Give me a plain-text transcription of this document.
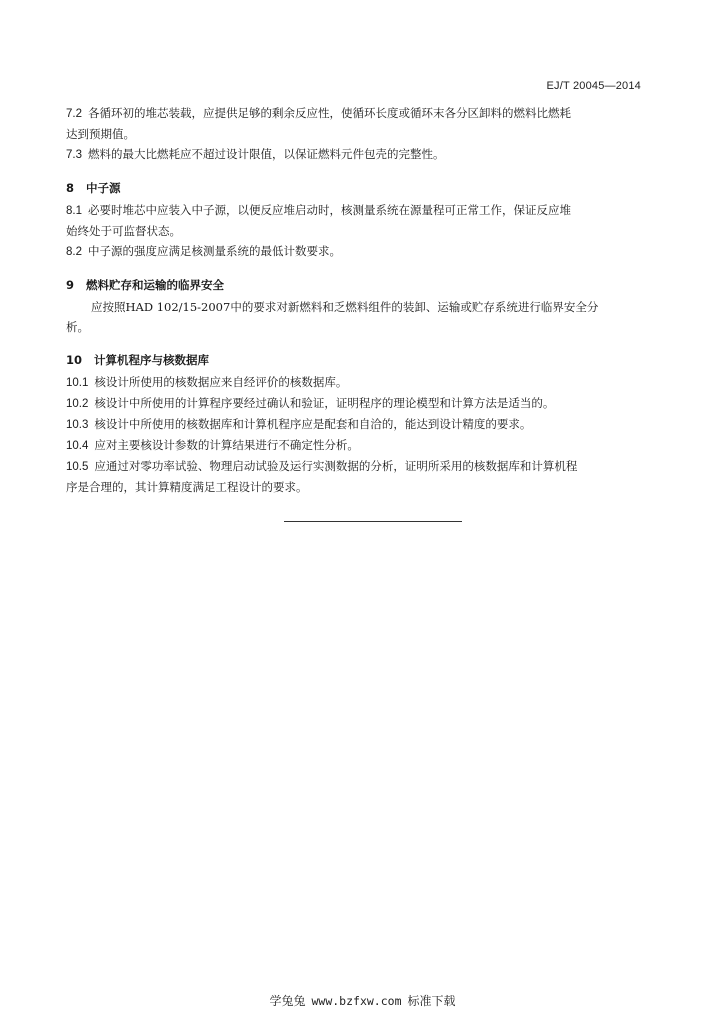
EJ/T 20045—2014

7.2 各循环初的堆芯装载，应提供足够的剩余反应性，使循环长度或循环末各分区卸料的燃料比燃耗
达到预期值。

7.3 燃料的最大比燃耗应不超过设计限值，以保证燃料元件包壳的完整性。

8 中子源

8.1 必要时堆芯中应装入中子源，以便反应堆启动时，核测量系统在源量程可正常工作，保证反应堆
始终处于可监督状态。

8.2 中子源的强度应满足核测量系统的最低计数要求。

9 燃料贮存和运输的临界安全

应按照HAD 102/15-2007中的要求对新燃料和乏燃料组件的装卸、运输或贮存系统进行临界安全分

析。

10 计算机程序与核数据库

10.1 核设计所使用的核数据应来自经评价的核数据库。

10.2 核设计中所使用的计算程序要经过确认和验证，证明程序的理论模型和计算方法是适当的。

10.3 核设计中所使用的核数据库和计算机程序应是配套和自洽的，能达到设计精度的要求。

10.4 应对主要核设计参数的计算结果进行不确定性分析。

10.5 应通过对零功率试验、物理启动试验及运行实测数据的分析，证明所采用的核数据库和计算机程
序是合理的，其计算精度满足工程设计的要求。

学兔兔 www.bzfxw.com 标准下载
